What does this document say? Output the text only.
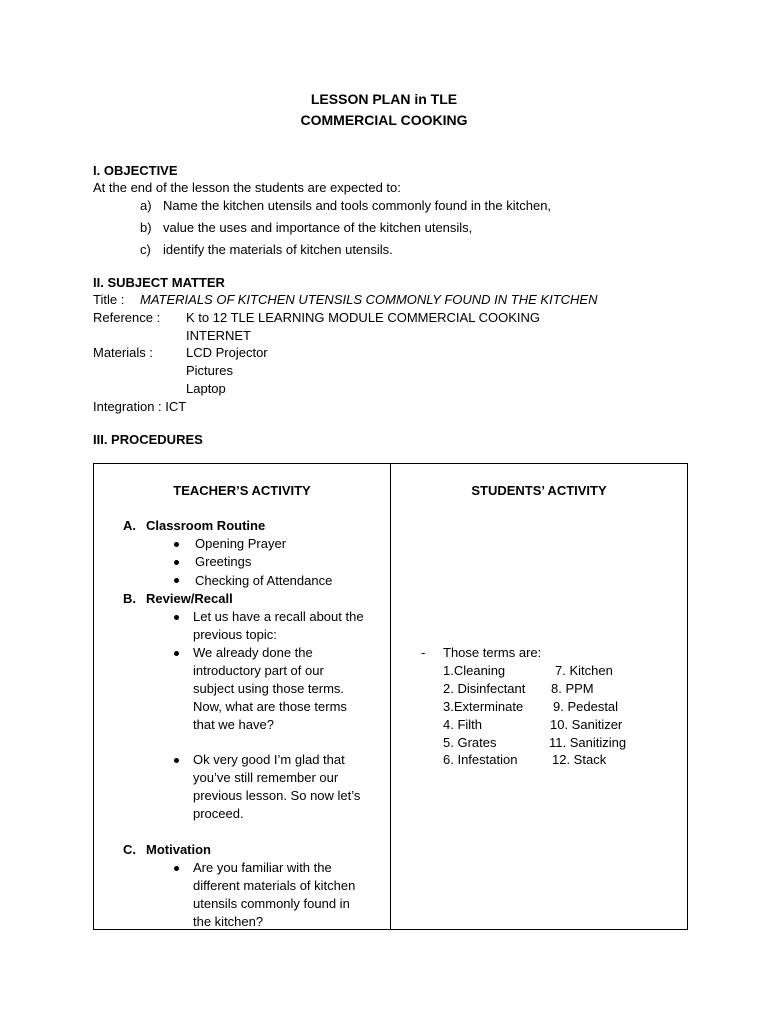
LESSON PLAN in TLE
COMMERCIAL COOKING
I. OBJECTIVE
At the end of the lesson the students are expected to:
a) Name the kitchen utensils and tools commonly found in the kitchen,
b) value the uses and importance of the kitchen utensils,
c) identify the materials of kitchen utensils.
II. SUBJECT MATTER
Title : MATERIALS OF KITCHEN UTENSILS COMMONLY FOUND IN THE KITCHEN
Reference : K to 12 TLE LEARNING MODULE COMMERCIAL COOKING
INTERNET
Materials :	LCD Projector
Pictures
Laptop
Integration : ICT
III. PROCEDURES
TEACHER’S ACTIVITY	STUDENTS’ ACTIVITY
A. Classroom Routine
Opening Prayer
Greetings
Checking of Attendance
B. Review/Recall
Let us have a recall about the
previous topic:
We already done the
introductory part of our
subject using those terms.
Now, what are those terms
that we have?
Ok very good I’m glad that
you’ve still remember our
previous lesson. So now let’s
proceed.
C. Motivation
Are you familiar with the
different materials of kitchen
utensils commonly found in
the kitchen?
- Those terms are:
1.Cleaning
2. Disinfectant
3.Exterminate
4. Filth
5. Grates
6. Infestation
7. Kitchen
8. PPM
9. Pedestal
10. Sanitizer
11. Sanitizing
12. Stack
